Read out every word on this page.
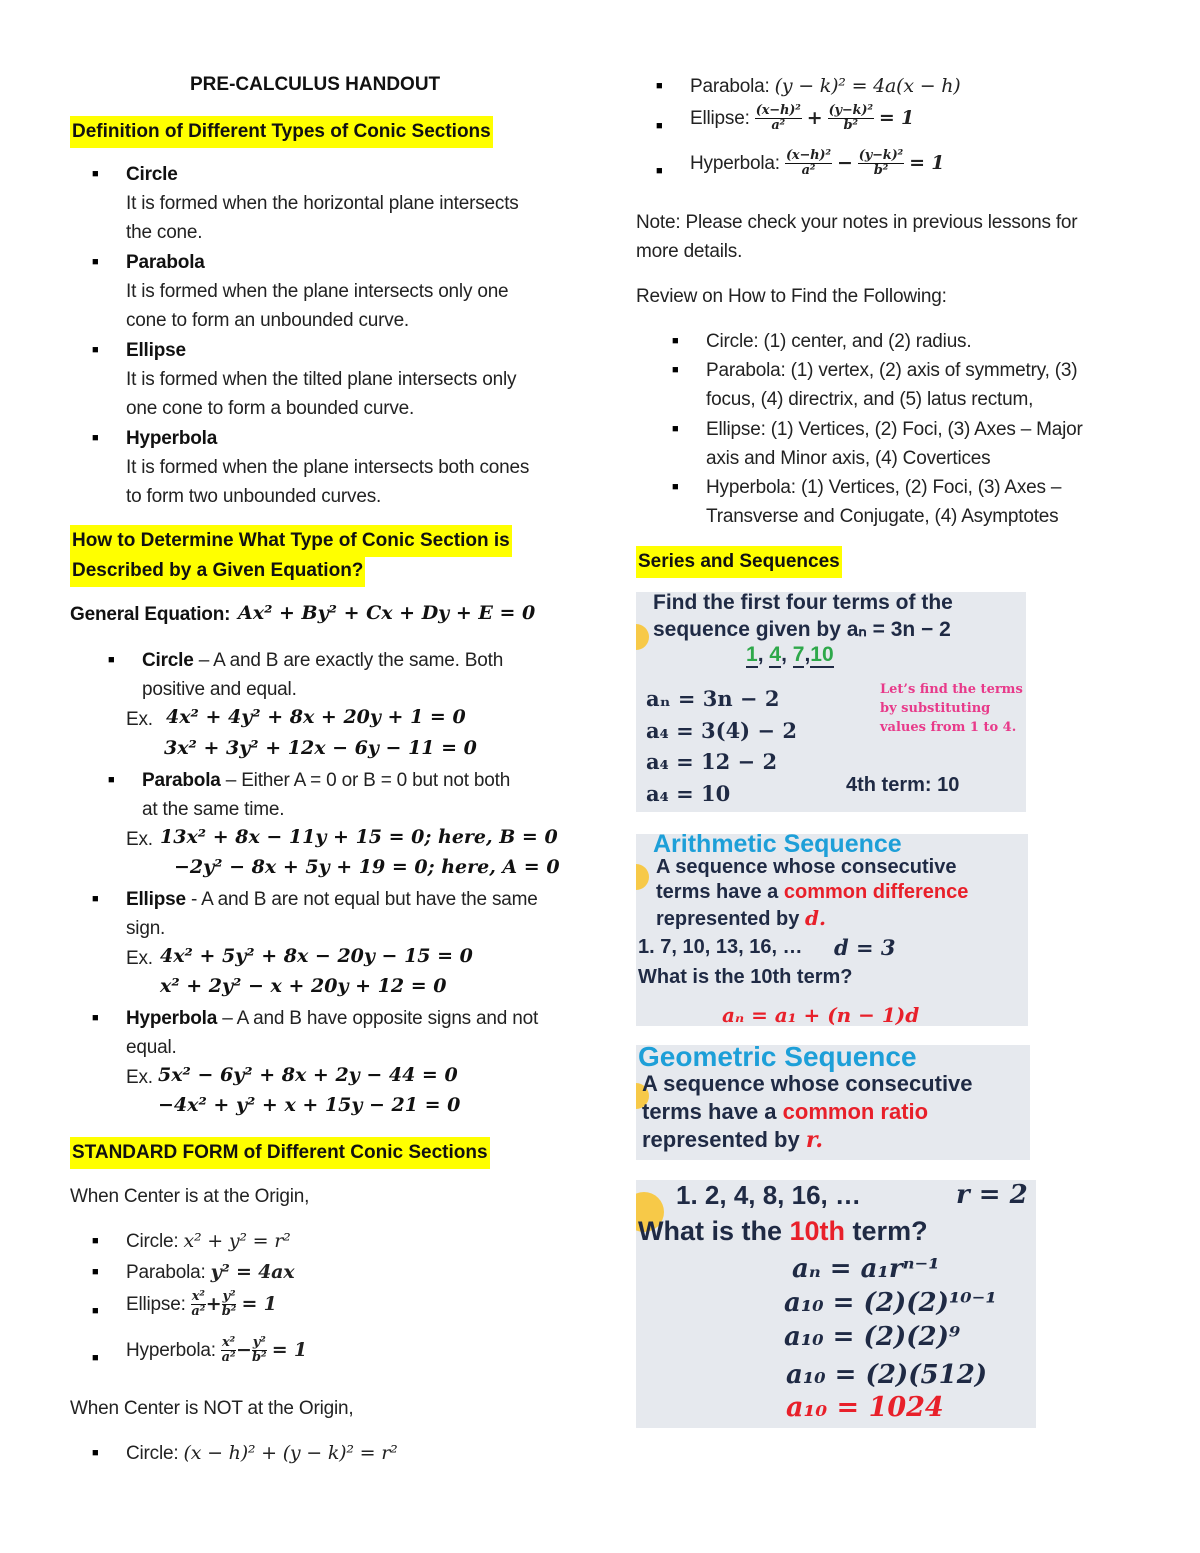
PRE-CALCULUS HANDOUT
Definition of Different Types of Conic Sections
■ Circle
It is formed when the horizontal plane intersects
the cone.
■ Parabola
It is formed when the plane intersects only one
cone to form an unbounded curve.
■ Ellipse
It is formed when the tilted plane intersects only
one cone to form a bounded curve.
■ Hyperbola
It is formed when the plane intersects both cones
to form two unbounded curves.
How to Determine What Type of Conic Section is
Described by a Given Equation?
General Equation: Ax² + By² + Cx + Dy + E = 0
■ Circle – A and B are exactly the same. Both
positive and equal.
Ex. 4x² + 4y² + 8x + 20y + 1 = 0
3x² + 3y² + 12x − 6y − 11 = 0
■ Parabola – Either A = 0 or B = 0 but not both
at the same time.
Ex. 13x² + 8x − 11y + 15 = 0; here, B = 0
−2y² − 8x + 5y + 19 = 0; here, A = 0
■ Ellipse - A and B are not equal but have the same
sign.
Ex. 4x² + 5y² + 8x − 20y − 15 = 0
x² + 2y² − x + 20y + 12 = 0
■ Hyperbola – A and B have opposite signs and not
equal.
Ex. 5x² − 6y² + 8x + 2y − 44 = 0
−4x² + y² + x + 15y − 21 = 0
STANDARD FORM of Different Conic Sections
When Center is at the Origin,
■ Circle: x² + y² = r²
■ Parabola: y² = 4ax
■ Ellipse: $\frac{\text{x²}}{\text{a²}} + \frac{\text{y²}}{\text{b²}} = 1$
■ Hyperbola: $\frac{\text{x²}}{\text{a²}} - \frac{\text{y²}}{\text{b²}} = 1$
When Center is NOT at the Origin,
■ Circle: (x − h)² + (y − k)² = r²
■ Parabola: (y − k)² = 4a(x − h)
■ Ellipse: $\frac{\text{(x−h)²}}{\text{a²}} + \frac{\text{(y−k)²}}{\text{b²}} = 1$
■ Hyperbola: $\frac{\text{(x−h)²}}{\text{a²}} - \frac{\text{(y−k)²}}{\text{b²}} = 1$
Note: Please check your notes in previous lessons for
more details.
Review on How to Find the Following:
■ Circle: (1) center, and (2) radius.
■ Parabola: (1) vertex, (2) axis of symmetry, (3)
focus, (4) directrix, and (5) latus rectum,
■ Ellipse: (1) Vertices, (2) Foci, (3) Axes – Major
axis and Minor axis, (4) Covertices
■ Hyperbola: (1) Vertices, (2) Foci, (3) Axes –
Transverse and Conjugate, (4) Asymptotes
Series and Sequences
Find the first four terms of the
sequence given by aₙ = 3n − 2
1, 4, 7,10
aₙ = 3n − 2
a₄ = 3(4) − 2
a₄ = 12 − 2
a₄ = 10
Let’s find the terms
by substituting
values from 1 to 4.
4th term: 10
Arithmetic Sequence
A sequence whose consecutive
terms have a common difference
represented by d.
1. 7, 10, 13, 16, … d = 3
What is the 10th term?
aₙ = a₁ + (n − 1)d
Geometric Sequence
A sequence whose consecutive
terms have a common ratio
represented by r.
1. 2, 4, 8, 16, …	r = 2
What is the 10th term?
aₙ = a₁rⁿ⁻¹
a₁₀ = (2)(2)¹⁰⁻¹
a₁₀ = (2)(2)⁹
a₁₀ = (2)(512)
a₁₀ = 1024
